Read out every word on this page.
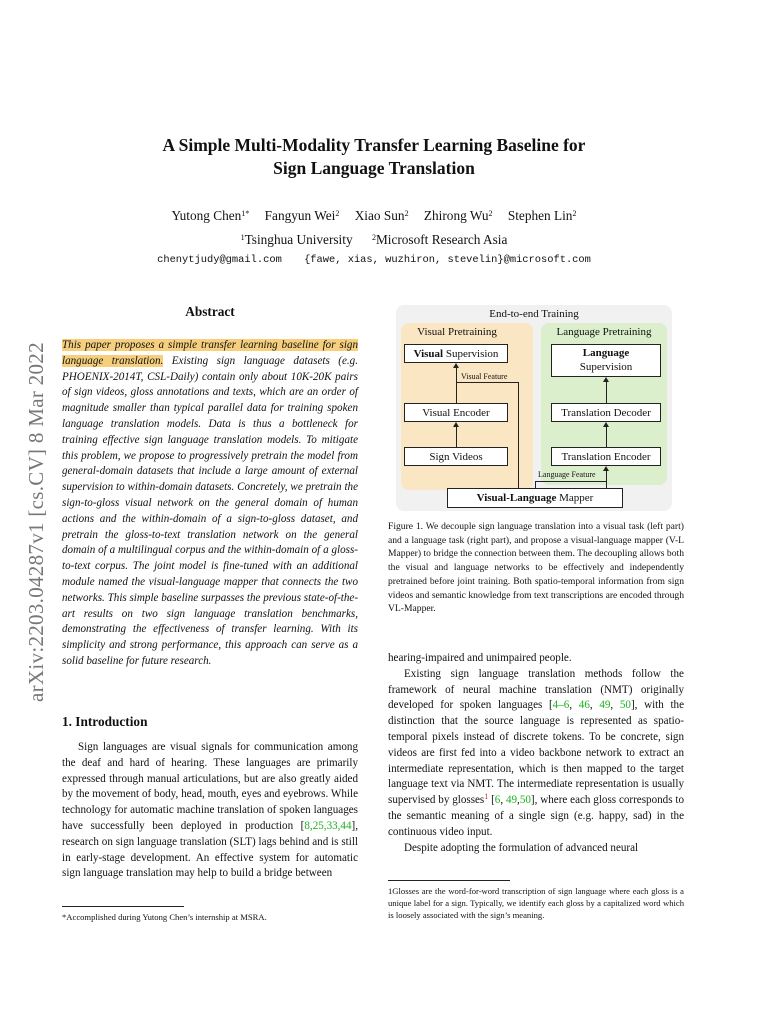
arXiv:2203.04287v1 [cs.CV] 8 Mar 2022
A Simple Multi-Modality Transfer Learning Baseline for
Sign Language Translation
Yutong Chen$^{1*}$ Fangyun Wei$^2$ Xiao Sun$^2$ Zhirong Wu$^2$ Stephen Lin$^2$
$^1$Tsinghua University $^2$Microsoft Research Asia
chenytjudy@gmail.com {fawe, xias, wuzhiron, stevelin}@microsoft.com
Abstract
This paper proposes a simple transfer learning baseline for sign language translation. Existing sign language datasets (e.g. PHOENIX-2014T, CSL-Daily) contain only about 10K-20K pairs of sign videos, gloss annotations and texts, which are an order of magnitude smaller than typical parallel data for training spoken language translation models. Data is thus a bottleneck for training effective sign language translation models. To mitigate this problem, we propose to progressively pretrain the model from general-domain datasets that include a large amount of external supervision to within-domain datasets. Concretely, we pretrain the sign-to-gloss visual network on the general domain of human actions and the within-domain of a sign-to-gloss dataset, and pretrain the gloss-to-text translation network on the general domain of a multilingual corpus and the within-domain of a gloss-to-text corpus. The joint model is fine-tuned with an additional module named the visual-language mapper that connects the two networks. This simple baseline surpasses the previous state-of-the-art results on two sign language translation benchmarks, demonstrating the effectiveness of transfer learning. With its simplicity and strong performance, this approach can serve as a solid baseline for future research.
1. Introduction

Sign languages are visual signals for communication among the deaf and hard of hearing. These languages are primarily expressed through manual articulations, but are also greatly aided by the movement of body, head, mouth, eyes and eyebrows. While technology for automatic machine translation of spoken languages have successfully been deployed in production [8,25,33,44], research on sign language translation (SLT) lags behind and is still in early-stage development. An effective system for automatic sign language translation may help to build a bridge between

*Accomplished during Yutong Chen’s internship at MSRA.
End-to-end Training
Visual Pretraining	Language Pretraining
Visual Supervision
Visual Feature
Visual Encoder
Sign Videos
Language
Supervision
Translation Decoder
Translation Encoder
Language Feature
Visual-Language Mapper
Figure 1. We decouple sign language translation into a visual task (left part) and a language task (right part), and propose a visual-language mapper (V-L Mapper) to bridge the connection between them. The decoupling allows both the visual and language networks to be effectively and independently pretrained before joint training. Both spatio-temporal information from sign videos and semantic knowledge from text transcriptions are encoded through VL-Mapper.

hearing-impaired and unimpaired people.

Existing sign language translation methods follow the framework of neural machine translation (NMT) originally developed for spoken languages [4–6, 46, 49, 50], with the distinction that the source language is represented as spatio-temporal pixels instead of discrete tokens. To be concrete, sign videos are first fed into a video backbone network to extract an intermediate representation, which is then mapped to the target language text via NMT. The intermediate representation is usually supervised by glosses$^1$ [6, 49,50], where each gloss corresponds to the semantic meaning of a single sign (e.g. happy, sad) in the continuous video input.

Despite adopting the formulation of advanced neural

1Glosses are the word-for-word transcription of sign language where each gloss is a unique label for a sign. Typically, we identify each gloss by a capitalized word which is loosely associated with the sign’s meaning.
